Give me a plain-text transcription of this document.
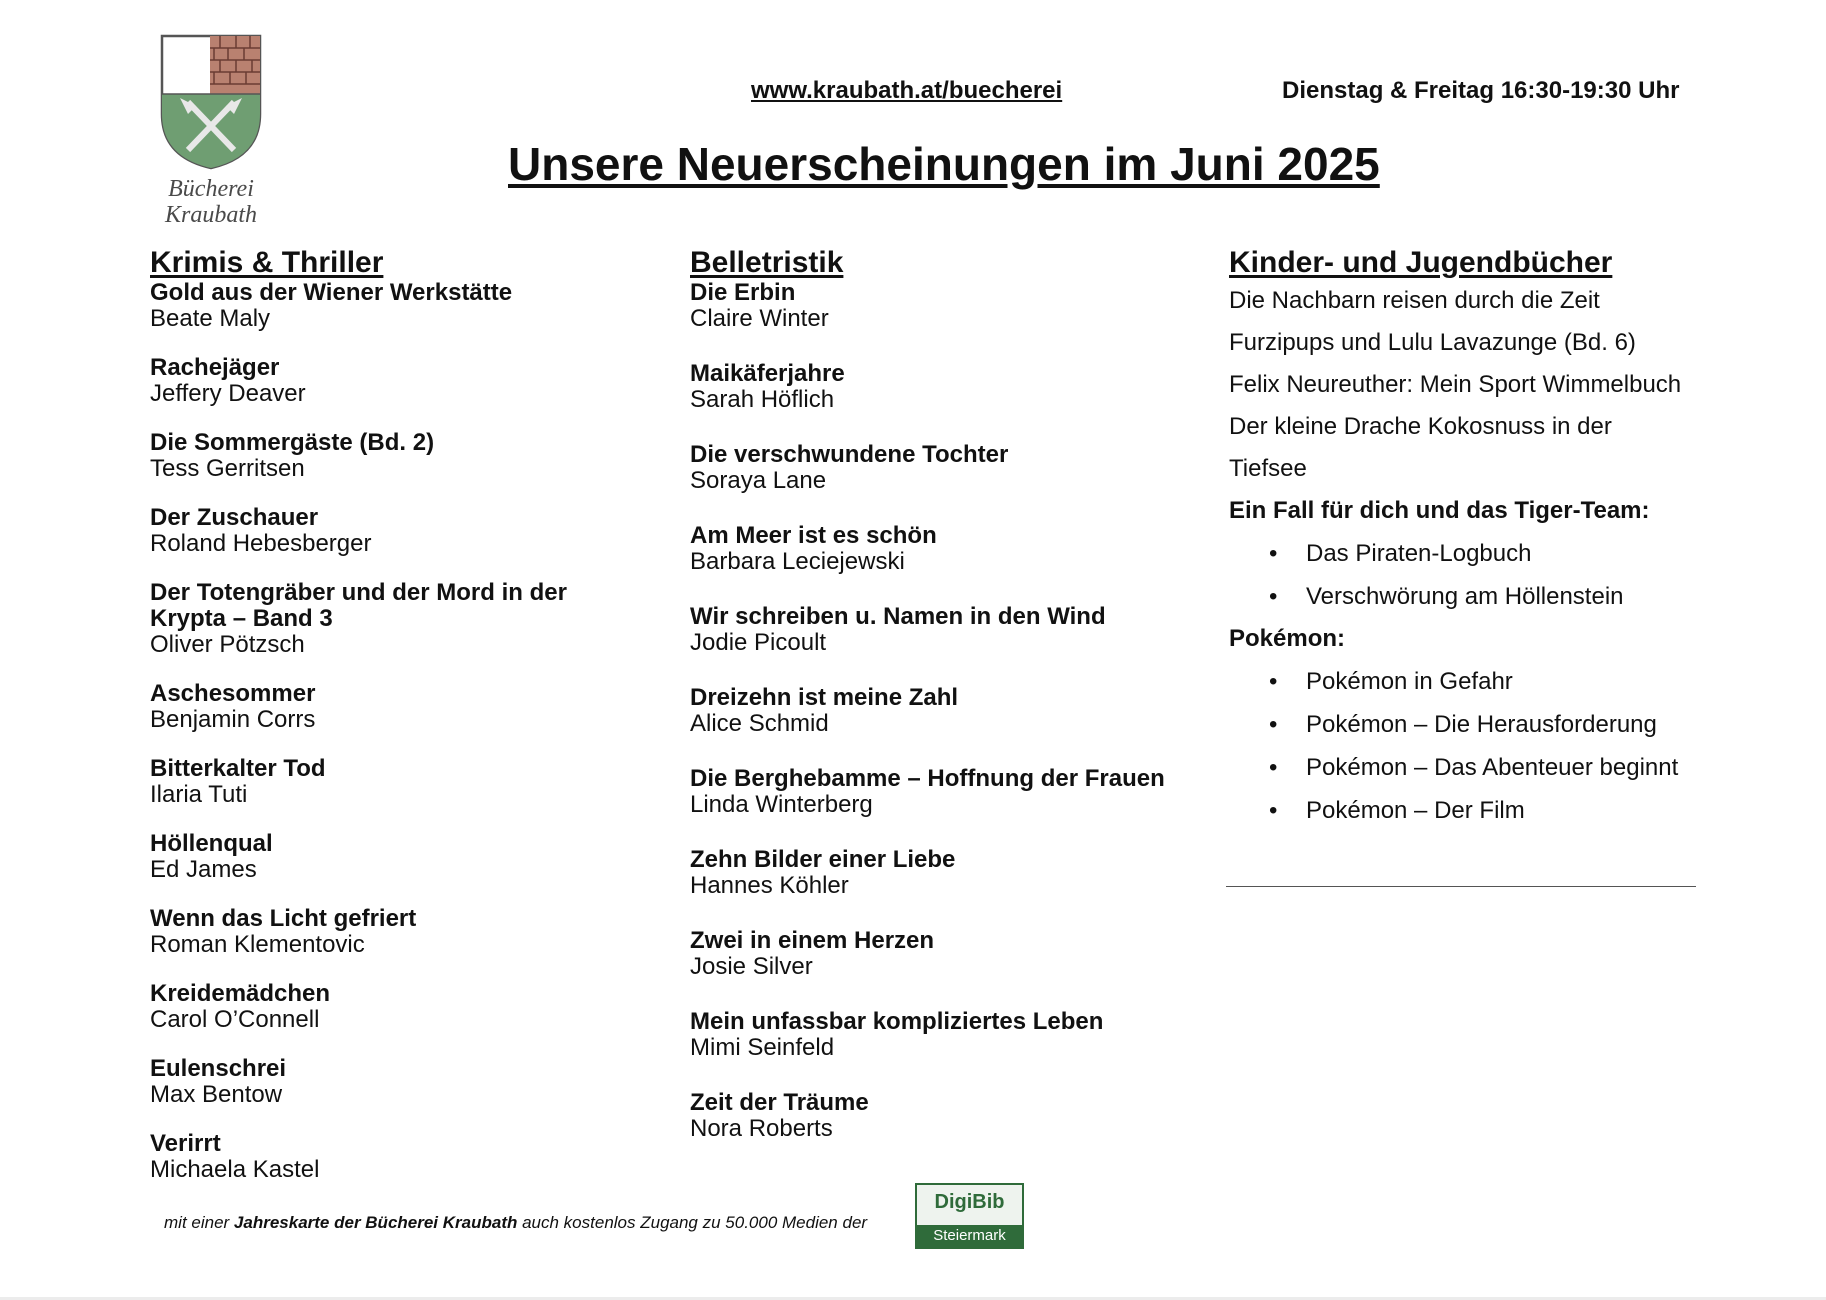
Bücherei
Kraubath
www.kraubath.at/buecherei	Dienstag & Freitag 16:30-19:30 Uhr
Unsere Neuerscheinungen im Juni 2025
Krimis & Thriller
Gold aus der Wiener Werkstätte
Beate Maly
Rachejäger
Jeffery Deaver
Die Sommergäste (Bd. 2)
Tess Gerritsen
Der Zuschauer
Roland Hebesberger
Der Totengräber und der Mord in der Krypta – Band 3
Oliver Pötzsch
Aschesommer
Benjamin Corrs
Bitterkalter Tod
Ilaria Tuti
Höllenqual
Ed James
Wenn das Licht gefriert
Roman Klementovic
Kreidemädchen
Carol O’Connell
Eulenschrei
Max Bentow
Verirrt
Michaela Kastel
Belletristik
Die Erbin
Claire Winter
Maikäferjahre
Sarah Höflich
Die verschwundene Tochter
Soraya Lane
Am Meer ist es schön
Barbara Leciejewski
Wir schreiben u. Namen in den Wind
Jodie Picoult
Dreizehn ist meine Zahl
Alice Schmid
Die Berghebamme – Hoffnung der Frauen
Linda Winterberg
Zehn Bilder einer Liebe
Hannes Köhler
Zwei in einem Herzen
Josie Silver
Mein unfassbar kompliziertes Leben
Mimi Seinfeld
Zeit der Träume
Nora Roberts
Kinder- und Jugendbücher
Die Nachbarn reisen durch die Zeit
Furzipups und Lulu Lavazunge (Bd. 6)
Felix Neureuther: Mein Sport Wimmelbuch
Der kleine Drache Kokosnuss in der
Tiefsee
Ein Fall für dich und das Tiger-Team:
• Das Piraten-Logbuch
• Verschwörung am Höllenstein
Pokémon:
• Pokémon in Gefahr
• Pokémon – Die Herausforderung
• Pokémon – Das Abenteuer beginnt
• Pokémon – Der Film
mit einer Jahreskarte der Bücherei Kraubath auch kostenlos Zugang zu 50.000 Medien der
DigiBib
Steiermark
